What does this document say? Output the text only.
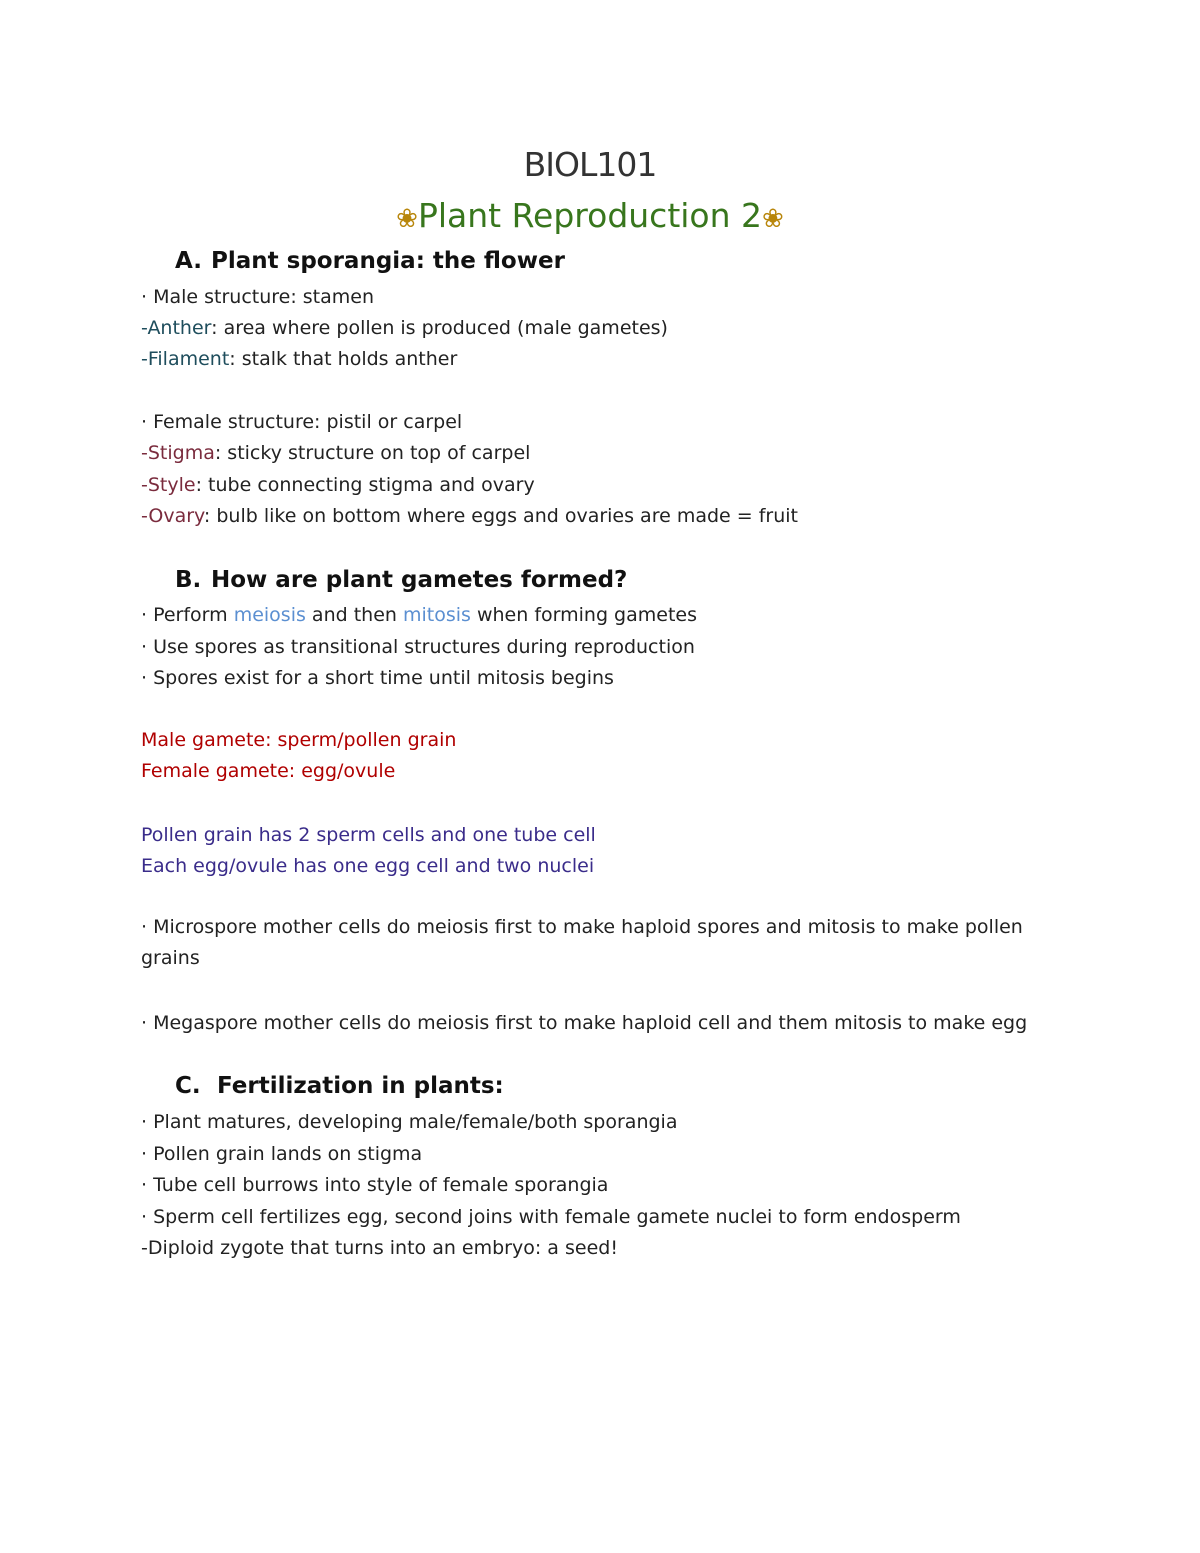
BIOL101
❀Plant Reproduction 2❀
A. Plant sporangia: the flower
· Male structure: stamen
-Anther: area where pollen is produced (male gametes)
-Filament: stalk that holds anther
· Female structure: pistil or carpel
-Stigma: sticky structure on top of carpel
-Style: tube connecting stigma and ovary
-Ovary: bulb like on bottom where eggs and ovaries are made = fruit
B. How are plant gametes formed?
· Perform meiosis and then mitosis when forming gametes
· Use spores as transitional structures during reproduction
· Spores exist for a short time until mitosis begins
Male gamete: sperm/pollen grain
Female gamete: egg/ovule
Pollen grain has 2 sperm cells and one tube cell
Each egg/ovule has one egg cell and two nuclei
· Microspore mother cells do meiosis first to make haploid spores and mitosis to make pollen grains
· Megaspore mother cells do meiosis first to make haploid cell and them mitosis to make egg
C. Fertilization in plants:
· Plant matures, developing male/female/both sporangia
· Pollen grain lands on stigma
· Tube cell burrows into style of female sporangia
· Sperm cell fertilizes egg, second joins with female gamete nuclei to form endosperm
-Diploid zygote that turns into an embryo: a seed!
